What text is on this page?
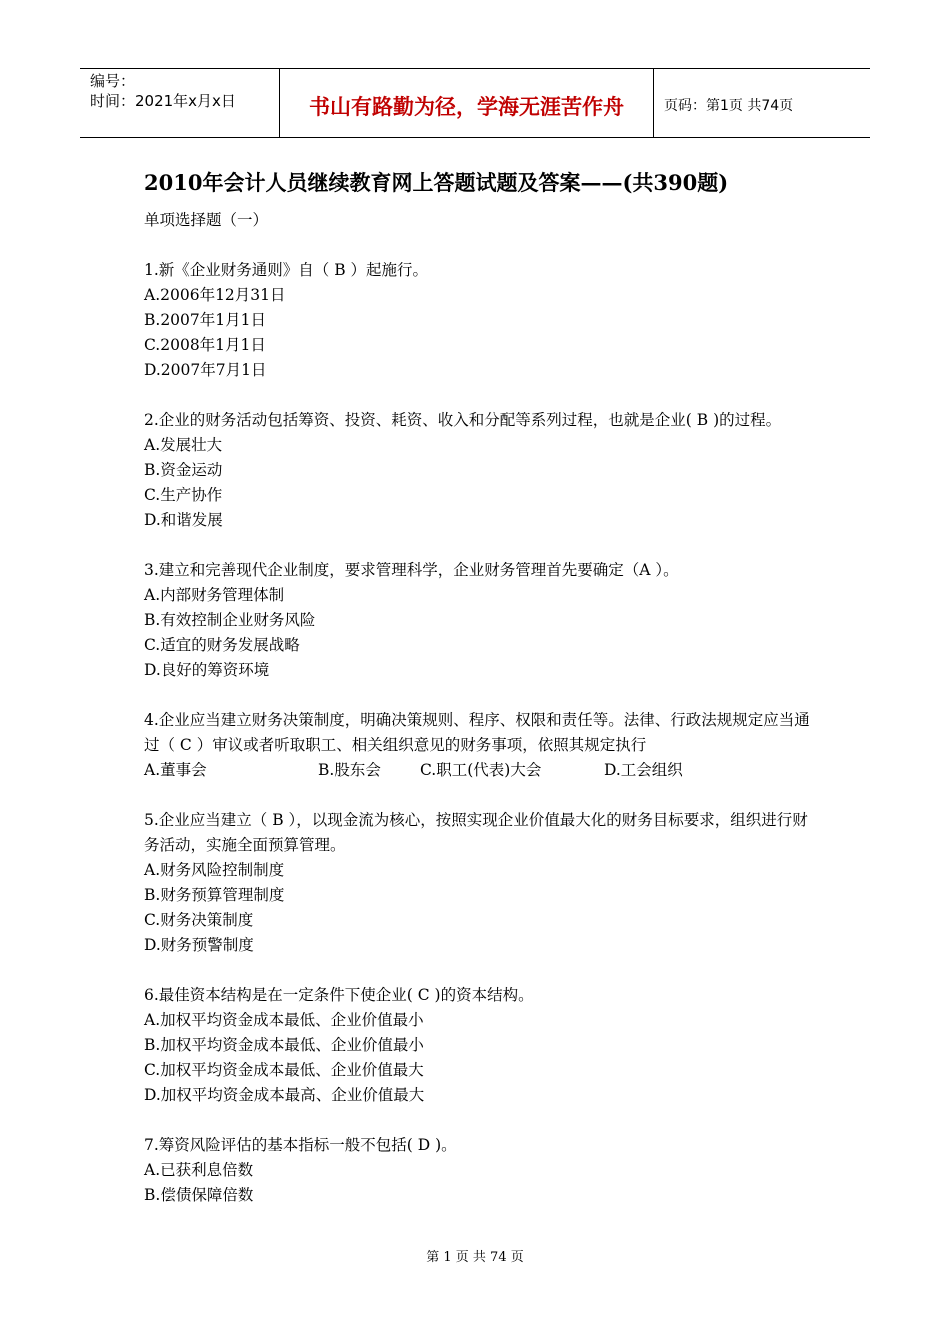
编号：
时间：2021年x月x日	书山有路勤为径，学海无涯苦作舟	页码：第1页 共74页
2010年会计人员继续教育网上答题试题及答案——(共390题)
单项选择题（一）
1.新《企业财务通则》自（ B ）起施行。
A.2006年12月31日
B.2007年1月1日
C.2008年1月1日
D.2007年7月1日
2.企业的财务活动包括筹资、投资、耗资、收入和分配等系列过程，也就是企业( B )的过程。
A.发展壮大
B.资金运动
C.生产协作
D.和谐发展
3.建立和完善现代企业制度，要求管理科学，企业财务管理首先要确定（A ）。
A.内部财务管理体制
B.有效控制企业财务风险
C.适宜的财务发展战略
D.良好的筹资环境
4.企业应当建立财务决策制度，明确决策规则、程序、权限和责任等。法律、行政法规规定应当通过（ C ）审议或者听取职工、相关组织意见的财务事项，依照其规定执行
A.董事会	B.股东会	C.职工(代表)大会	D.工会组织
5.企业应当建立（ B ），以现金流为核心，按照实现企业价值最大化的财务目标要求，组织进行财务活动，实施全面预算管理。
A.财务风险控制制度
B.财务预算管理制度
C.财务决策制度
D.财务预警制度
6.最佳资本结构是在一定条件下使企业( C )的资本结构。
A.加权平均资金成本最低、企业价值最小
B.加权平均资金成本最低、企业价值最小
C.加权平均资金成本最低、企业价值最大
D.加权平均资金成本最高、企业价值最大
7.筹资风险评估的基本指标一般不包括( D )。
A.已获利息倍数
B.偿债保障倍数
第 1 页 共 74 页
